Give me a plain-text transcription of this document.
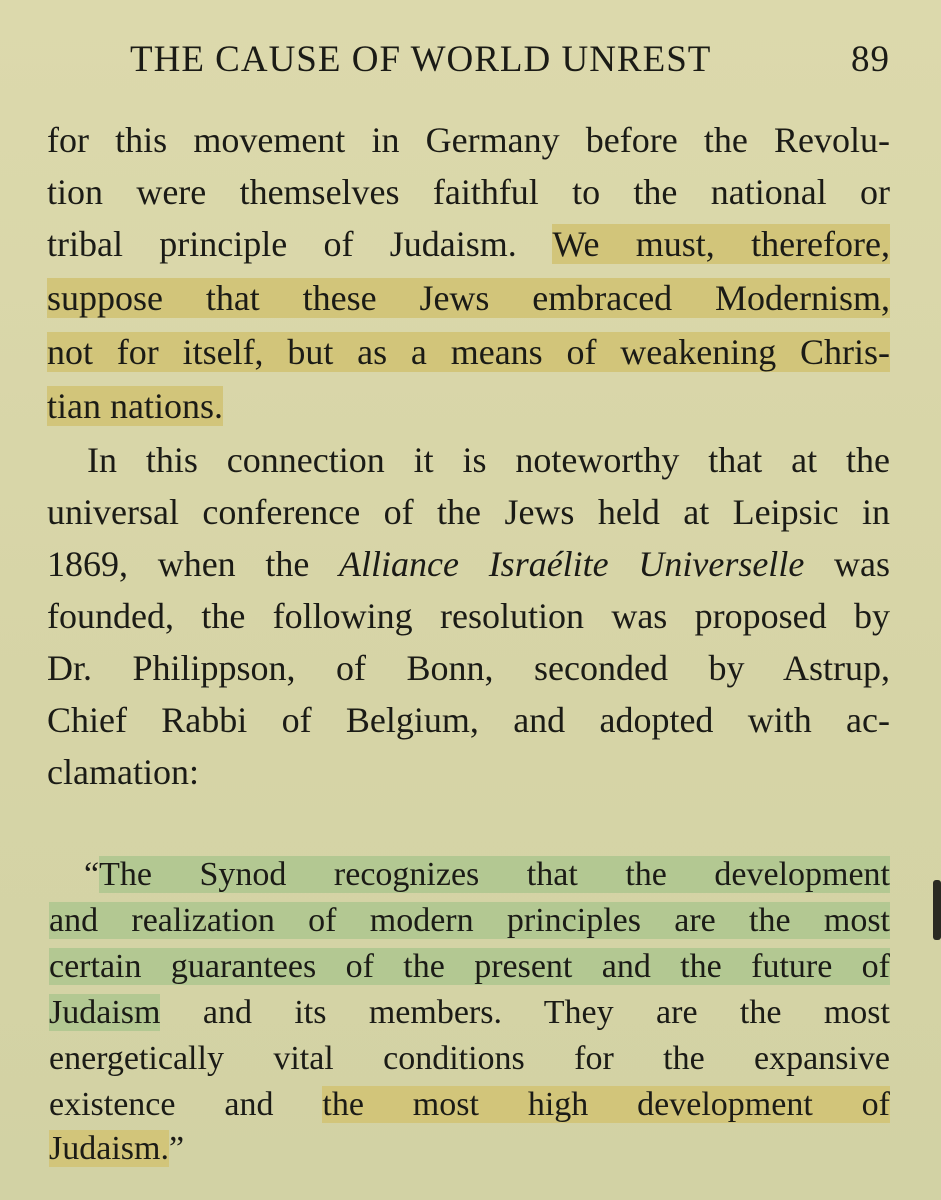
THE CAUSE OF WORLD UNREST	89
for this movement in Germany before the Revolu-
tion were themselves faithful to the national or
tribal principle of Judaism. We must, therefore,
suppose that these Jews embraced Modernism,
not for itself, but as a means of weakening Chris-
tian nations.
In this connection it is noteworthy that at the
universal conference of the Jews held at Leipsic in
1869, when the Alliance Israélite Universelle was
founded, the following resolution was proposed by
Dr. Philippson, of Bonn, seconded by Astrup,
Chief Rabbi of Belgium, and adopted with ac-
clamation:
“The Synod recognizes that the development
and realization of modern principles are the most
certain guarantees of the present and the future of
Judaism and its members. They are the most
energetically vital conditions for the expansive
existence and the most high development of
Judaism.”
